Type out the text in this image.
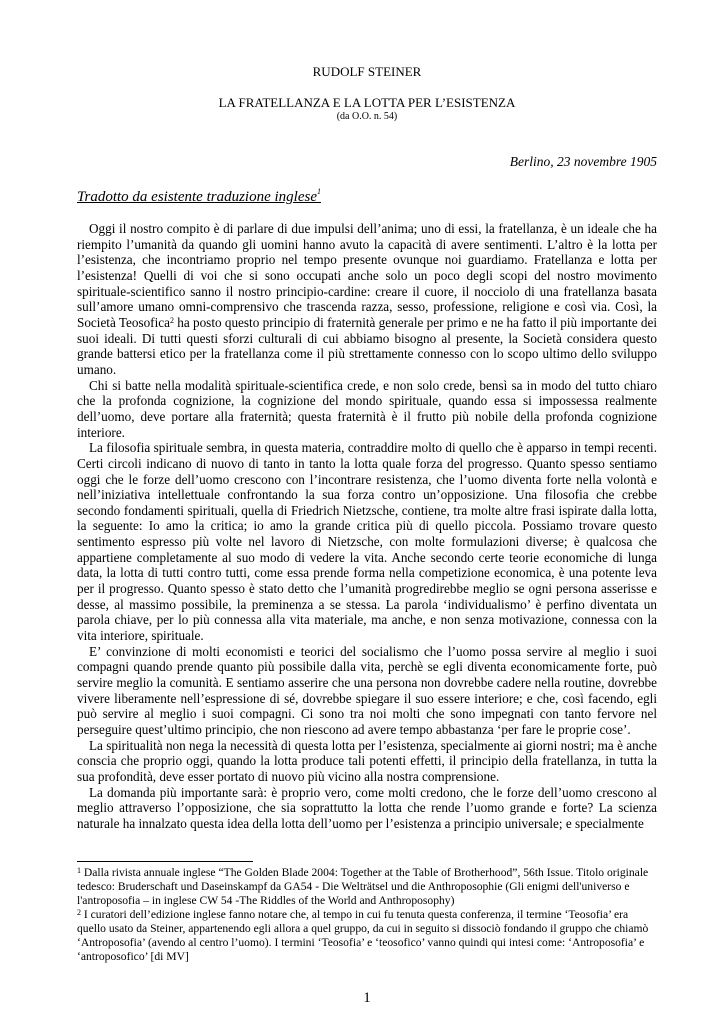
RUDOLF STEINER
LA FRATELLANZA E LA LOTTA PER L’ESISTENZA
(da O.O. n. 54)
Berlino, 23 novembre 1905
Tradotto da esistente traduzione inglese$^1$

Oggi il nostro compito è di parlare di due impulsi dell’anima; uno di essi, la fratellanza, è un ideale che ha riempito l’umanità da quando gli uomini hanno avuto la capacità di avere sentimenti. L’altro è la lotta per l’esistenza, che incontriamo proprio nel tempo presente ovunque noi guardiamo. Fratellanza e lotta per l’esistenza! Quelli di voi che si sono occupati anche solo un poco degli scopi del nostro movimento spirituale-scientifico sanno il nostro principio-cardine: creare il cuore, il nocciolo di una fratellanza basata sull’amore umano omni-comprensivo che trascenda razza, sesso, professione, religione e così via. Così, la Società Teosofica$^2$ ha posto questo principio di fraternità generale per primo e ne ha fatto il più importante dei suoi ideali. Di tutti questi sforzi culturali di cui abbiamo bisogno al presente, la Società considera questo grande battersi etico per la fratellanza come il più strettamente connesso con lo scopo ultimo dello sviluppo umano.

Chi si batte nella modalità spirituale-scientifica crede, e non solo crede, bensì sa in modo del tutto chiaro che la profonda cognizione, la cognizione del mondo spirituale, quando essa si impossessa realmente dell’uomo, deve portare alla fraternità; questa fraternità è il frutto più nobile della profonda cognizione interiore.

La filosofia spirituale sembra, in questa materia, contraddire molto di quello che è apparso in tempi recenti. Certi circoli indicano di nuovo di tanto in tanto la lotta quale forza del progresso. Quanto spesso sentiamo oggi che le forze dell’uomo crescono con l’incontrare resistenza, che l’uomo diventa forte nella volontà e nell’iniziativa intellettuale confrontando la sua forza contro un’opposizione. Una filosofia che crebbe secondo fondamenti spirituali, quella di Friedrich Nietzsche, contiene, tra molte altre frasi ispirate dalla lotta, la seguente: Io amo la critica; io amo la grande critica più di quello piccola. Possiamo trovare questo sentimento espresso più volte nel lavoro di Nietzsche, con molte formulazioni diverse; è qualcosa che appartiene completamente al suo modo di vedere la vita. Anche secondo certe teorie economiche di lunga data, la lotta di tutti contro tutti, come essa prende forma nella competizione economica, è una potente leva per il progresso. Quanto spesso è stato detto che l’umanità progredirebbe meglio se ogni persona asserisse e desse, al massimo possibile, la preminenza a se stessa. La parola ‘individualismo’ è perfino diventata un parola chiave, per lo più connessa alla vita materiale, ma anche, e non senza motivazione, connessa con la vita interiore, spirituale.

E’ convinzione di molti economisti e teorici del socialismo che l’uomo possa servire al meglio i suoi compagni quando prende quanto più possibile dalla vita, perchè se egli diventa economicamente forte, può servire meglio la comunità. E sentiamo asserire che una persona non dovrebbe cadere nella routine, dovrebbe vivere liberamente nell’espressione di sé, dovrebbe spiegare il suo essere interiore; e che, così facendo, egli può servire al meglio i suoi compagni. Ci sono tra noi molti che sono impegnati con tanto fervore nel perseguire quest’ultimo principio, che non riescono ad avere tempo abbastanza ‘per fare le proprie cose’.

La spiritualità non nega la necessità di questa lotta per l’esistenza, specialmente ai giorni nostri; ma è anche conscia che proprio oggi, quando la lotta produce tali potenti effetti, il principio della fratellanza, in tutta la sua profondità, deve esser portato di nuovo più vicino alla nostra comprensione.

La domanda più importante sarà: è proprio vero, come molti credono, che le forze dell’uomo crescono al meglio attraverso l’opposizione, che sia soprattutto la lotta che rende l’uomo grande e forte? La scienza naturale ha innalzato questa idea della lotta dell’uomo per l’esistenza a principio universale; e specialmente

$^1$ Dalla rivista annuale inglese “The Golden Blade 2004: Together at the Table of Brotherhood”, 56th Issue. Titolo originale tedesco: Bruderschaft und Daseinskampf da GA54 - Die Welträtsel und die Anthroposophie (Gli enigmi dell'universo e l'antroposofia – in inglese CW 54 -The Riddles of the World and Anthroposophy)

$^2$ I curatori dell’edizione inglese fanno notare che, al tempo in cui fu tenuta questa conferenza, il termine ‘Teosofia’ era quello usato da Steiner, appartenendo egli allora a quel gruppo, da cui in seguito si dissociò fondando il gruppo che chiamò ‘Antroposofia’ (avendo al centro l’uomo). I termini ‘Teosofia’ e ‘teosofico’ vanno quindi qui intesi come: ‘Antroposofia’ e ‘antroposofico’ [di MV]

1
